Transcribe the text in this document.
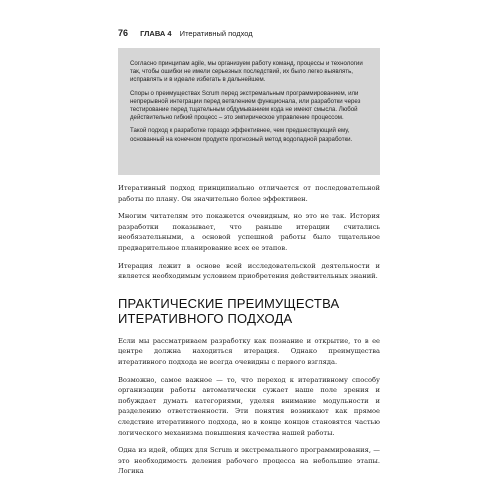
76 ГЛАВА 4 Итеративный подход

Согласно принципам agile, мы организуем работу команд, процессы и технологии так, чтобы ошибки не имели серьезных последствий, их было легко выявлять, исправлять и в идеале избегать в дальнейшем.

Споры о преимуществах Scrum перед экстремальным программированием, или непрерывной интеграции перед ветвлением функционала, или разработки через тестирование перед тщательным обдумыванием кода не имеют смысла. Любой действительно гибкий процесс – это эмпирическое управление процессом.

Такой подход к разработке гораздо эффективнее, чем предшествующий ему, основанный на конечном продукте прогнозный метод водопадной разработки.

Итеративный подход принципиально отличается от последовательной работы по плану. Он значительно более эффективен.

Многим читателям это покажется очевидным, но это не так. История разработки показывает, что раньше итерации считались необязательными, а основой успешной работы было тщательное предварительное планирование всех ее этапов.

Итерация лежит в основе всей исследовательской деятельности и является необходимым условием приобретения действительных знаний.

ПРАКТИЧЕСКИЕ ПРЕИМУЩЕСТВА
ИТЕРАТИВНОГО ПОДХОДА

Если мы рассматриваем разработку как познание и открытие, то в ее центре должна находиться итерация. Однако преимущества итеративного подхода не всегда очевидны с первого взгляда.

Возможно, самое важное — то, что переход к итеративному способу организации работы автоматически сужает наше поле зрения и побуждает думать категориями, уделяя внимание модульности и разделению ответственности. Эти понятия возникают как прямое следствие итеративного подхода, но в конце концов становятся частью логического механизма повышения качества нашей работы.

Одна из идей, общих для Scrum и экстремального программирования, — это необходимость деления рабочего процесса на небольшие этапы. Логика
